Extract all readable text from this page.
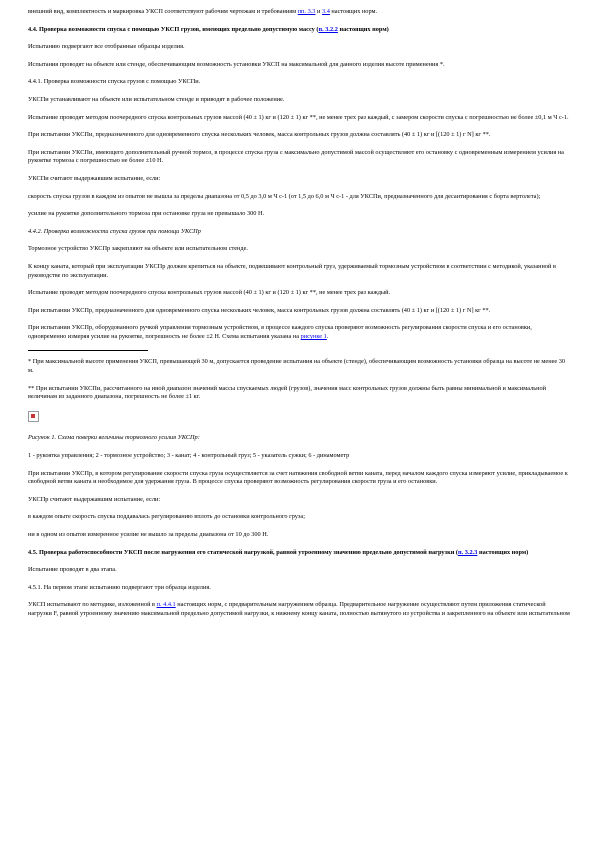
внешний вид, комплектность и маркировка УКСП соответствуют рабочим чертежам и требованиям пп. 3.3 и 3.4 настоящих норм.

4.4. Проверка возможности спуска с помощью УКСП грузов, имеющих предельно допустимую массу (п. 3.2.2 настоящих норм)

Испытанию подвергают все отобранные образцы изделия.

Испытания проводят на объекте или стенде, обеспечивающим возможность установки УКСП на максимальной для данного изделия высоте применения *.

4.4.1. Проверка возможности спуска грузов с помощью УКСПи.

УКСПи устанавливают на объекте или испытательном стенде и приводят в рабочее положение.

Испытание проводят методом поочередного спуска контрольных грузов массой (40 ± 1) кг и (120 ± 1) кг **, не менее трех раз каждый, с замером скорости спуска с погрешностью не более ±0,1 м Ч с-1.

При испытании УКСПи, предназначенного для одновременного спуска нескольких человек, масса контрольных грузов должна составлять (40 ± 1) кг и [(120 ± 1) г N] кг **.

При испытании УКСПи, имеющего дополнительный ручной тормоз, в процессе спуска груза с максимально допустимой массой осуществляют его остановку с одновременным измерением усилия на рукоятке тормоза с погрешностью не более ±10 Н.

УКСПи считают выдержавшим испытание, если:

скорость спуска грузов в каждом из опытов не вышла за пределы диапазона от 0,5 до 3,0 м Ч с-1 (от 1,5 до 6,0 м Ч с-1 - для УКСПи, предназначенного для десантирования с борта вертолета);

усилие на рукоятке дополнительного тормоза при остановке груза не превышало 300 Н.

4.4.2. Проверка возможности спуска грузов при помощи УКСПр

Тормозное устройство УКСПр закрепляют на объекте или испытательном стенде.

К концу каната, который при эксплуатации УКСПр должен крепиться на объекте, подвешивают контрольный груз, удерживаемый тормозным устройством в соответствии с методикой, указанной в руководстве по эксплуатации.

Испытание проводят методом поочередного спуска контрольных грузов массой (40 ± 1) кг и (120 ± 1) кг **, не менее трех раз каждый.

При испытании УКСПр, предназначенного для одновременного спуска нескольких человек, масса контрольных грузов должна составлять (40 ± 1) кг и [(120 ± 1) г N] кг **.

При испытании УКСПр, оборудованного ручкой управления тормозным устройством, в процессе каждого спуска проверяют возможность регулирования скорости спуска и его остановки, одновременно измеряя усилие на рукоятке, погрешность не более ±2 Н. Схема испытания указана на рисунке 1.

* При максимальной высоте применения УКСП, превышающей 30 м, допускается проведение испытания на объекте (стенде), обеспечивающим возможность установки образца на высоте не менее 30 м.

** При испытании УКСПи, рассчитанного на иной диапазон значений массы спускаемых людей (грузов), значения масс контрольных грузов должны быть равны минимальной и максимальной величинам из заданного диапазона, погрешность не более ±1 кг.

Рисунок 1. Схема поверки величины тормозного усилия УКСПр:

1 - рукоятка управления; 2 - тормозное устройство; 3 - канат; 4 - контрольный груз; 5 - указатель сужки; 6 - динамометр

При испытании УКСПр, в котором регулирование скорости спуска груза осуществляется за счет натяжения свободной ветви каната, перед началом каждого спуска измеряют усилие, прикладываемое к свободной ветви каната и необходимое для удержания груза. В процессе спуска проверяют возможность регулирования скорости груза и его остановки.

УКСПр считают выдержавшим испытание, если:

в каждом опыте скорость спуска поддавалась регулированию вплоть до остановки контрольного груза;

ни в одном из опытов измеренное усилие не вышло за пределы диапазона от 10 до 300 Н.

4.5. Проверка работоспособности УКСП после нагружения его статической нагрузкой, равной утроенному значению предельно допустимой нагрузки (п. 3.2.3 настоящих норм)

Испытание проводят в два этапа.

4.5.1. На первом этапе испытанию подвергают три образца изделия.

УКСП испытывают по методике, изложенной в п. 4.4.1 настоящих норм, с предварительным нагружением образца. Предварительное нагружение осуществляют путем приложения статической нагрузки F, равной утроенному значению максимальной предельно допустимой нагрузки, к нижнему концу каната, полностью вытянутого из устройства и закрепленного на объекте или испытательном
